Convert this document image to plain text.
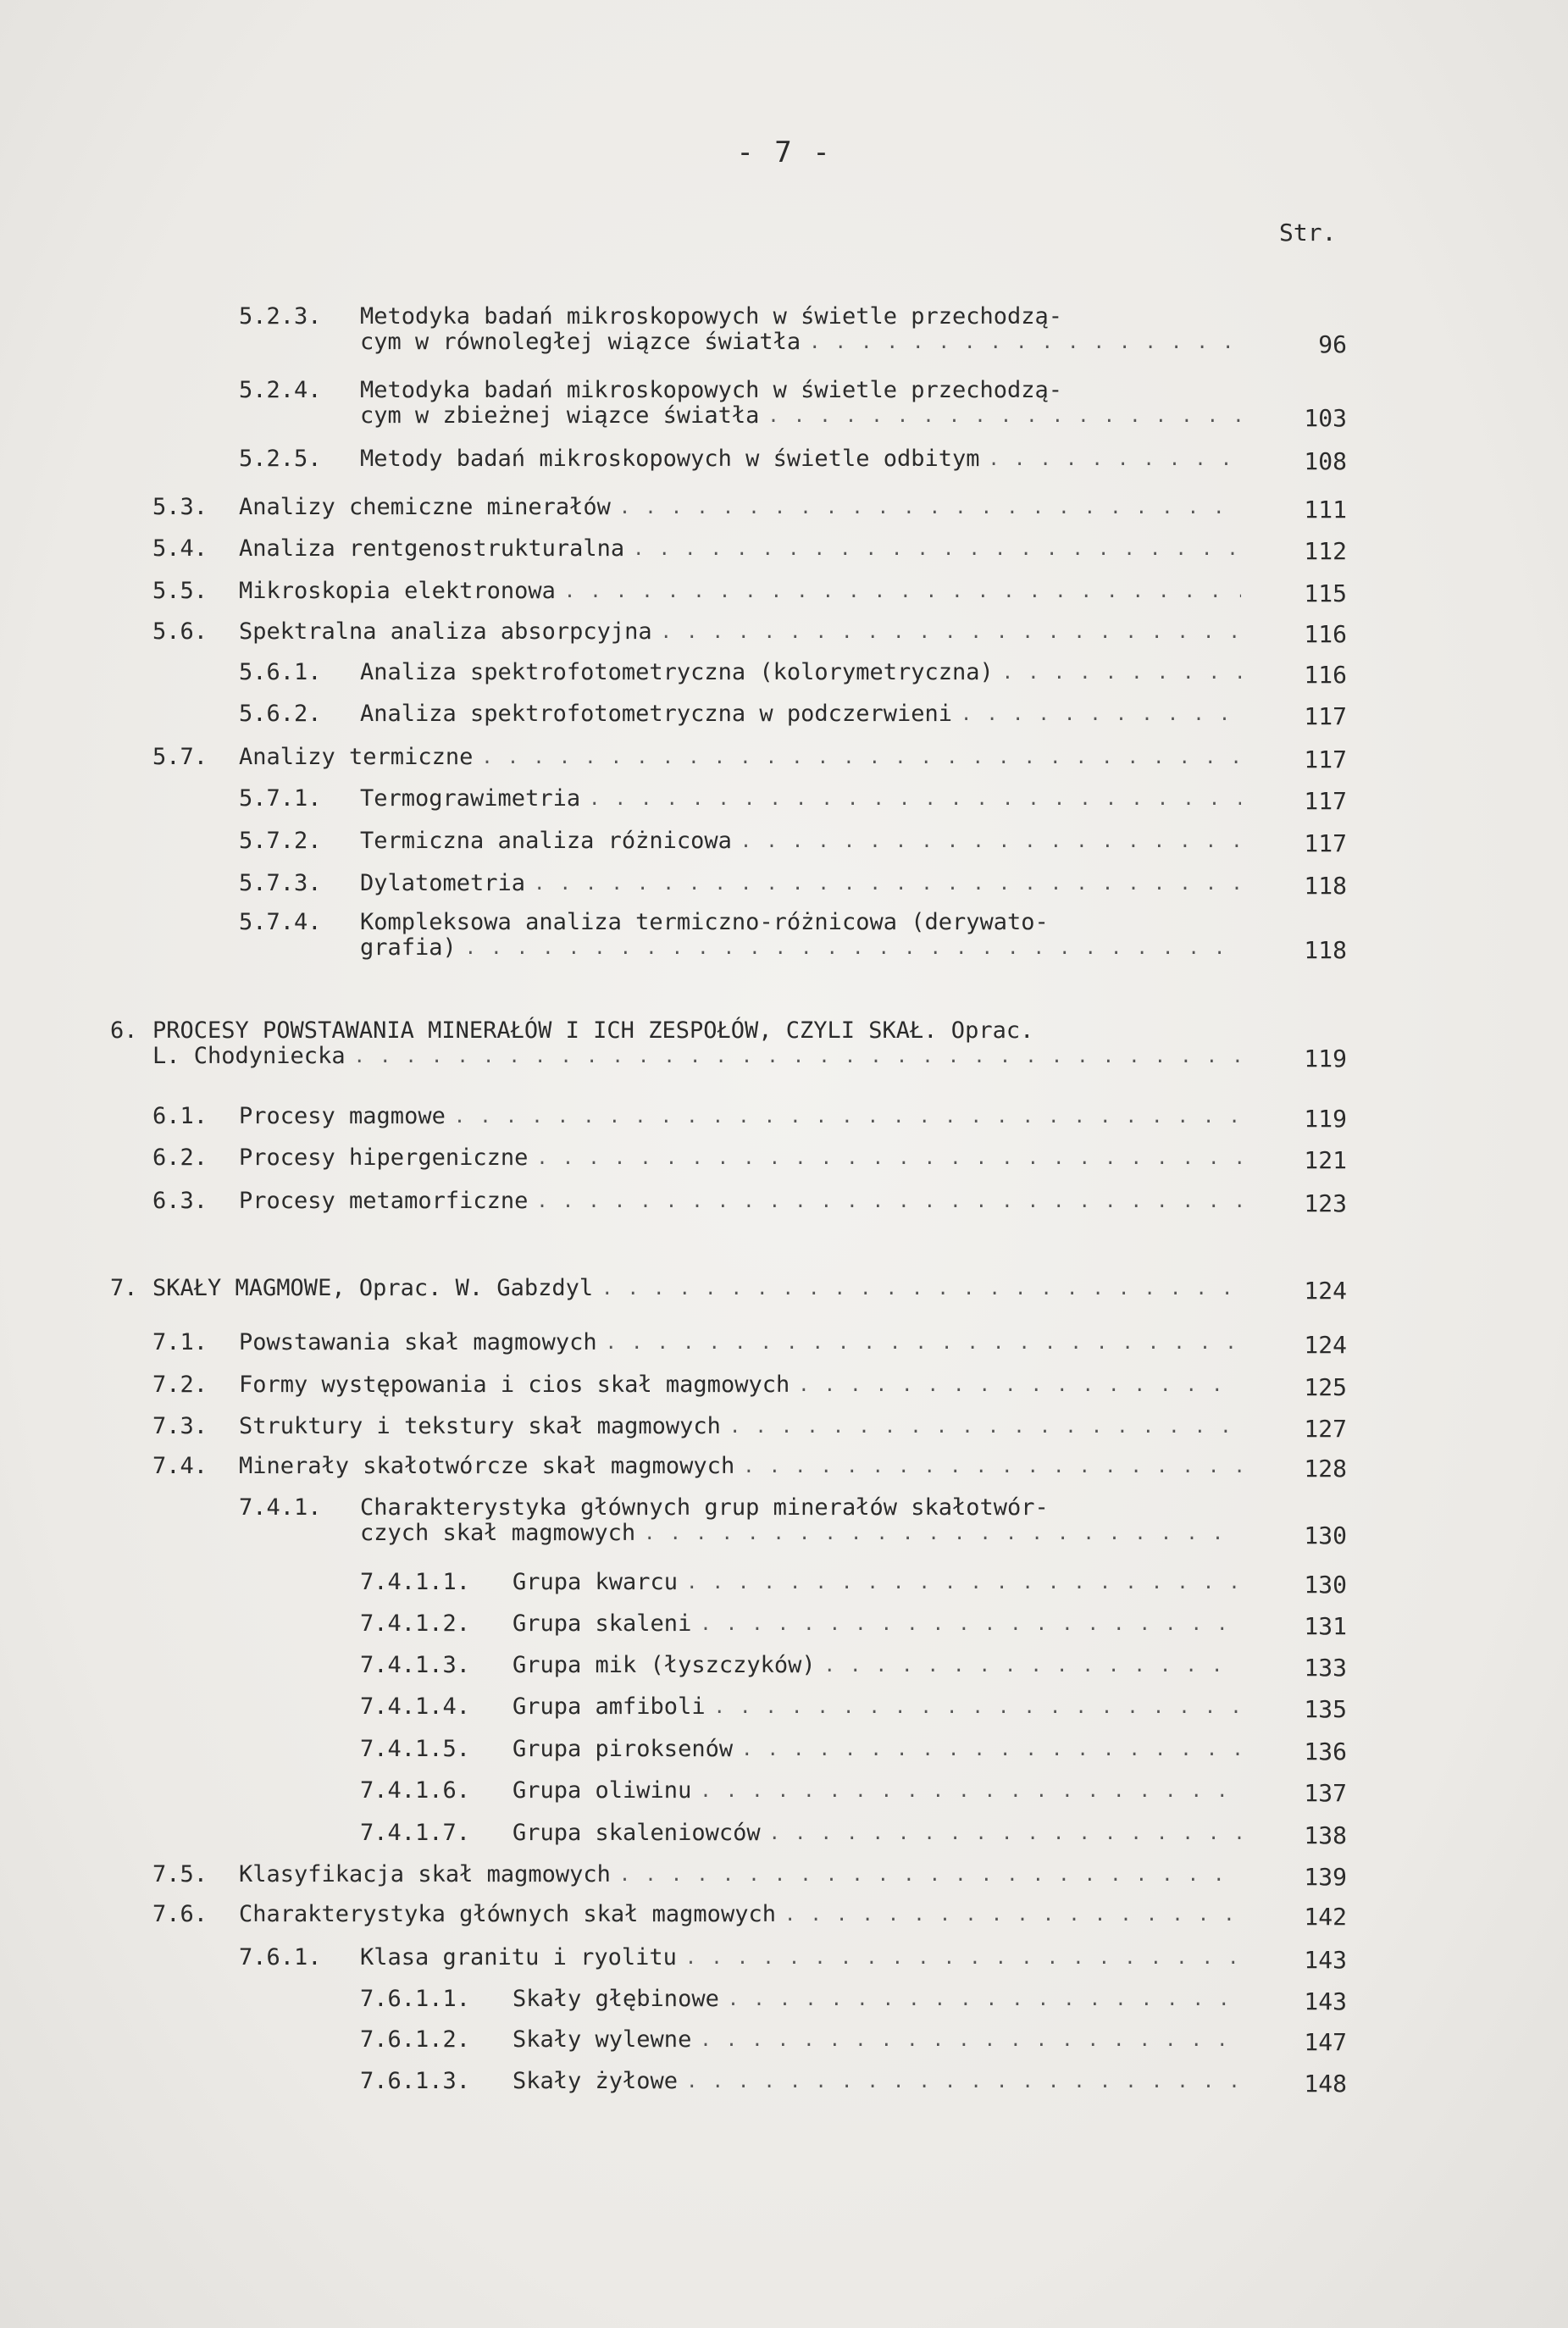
- 7 -
Str.
5.2.3. Metodyka badań mikroskopowych w świetle przechodzą-
cym w równoległej wiązce światła . . .	96
5.2.4. Metodyka badań mikroskopowych w świetle przechodzą-
cym w zbieżnej wiązce światła . . .	103
5.2.5. Metody badań mikroskopowych w świetle odbitym . . .	108
5.3. Analizy chemiczne minerałów . . .	111
5.4. Analiza rentgenostrukturalna . . .	112
5.5. Mikroskopia elektronowa . . .	115
5.6. Spektralna analiza absorpcyjna . . .	116
5.6.1. Analiza spektrofotometryczna (kolorymetryczna) . . .	116
5.6.2. Analiza spektrofotometryczna w podczerwieni . . .	117
5.7. Analizy termiczne . . .	117
5.7.1. Termograwimetria . . .	117
5.7.2. Termiczna analiza różnicowa . . .	117
5.7.3. Dylatometria . . .	118
5.7.4. Kompleksowa analiza termiczno-różnicowa (derywato-
grafia) . . .	118
6. PROCESY POWSTAWANIA MINERAŁÓW I ICH ZESPOŁÓW, CZYLI SKAŁ. Oprac.
L. Chodyniecka . . .	119
6.1. Procesy magmowe . . .	119
6.2. Procesy hipergeniczne . . .	121
6.3. Procesy metamorficzne . . .	123
7. SKAŁY MAGMOWE, Oprac. W. Gabzdyl . . .	124
7.1. Powstawania skał magmowych . . .	124
7.2. Formy występowania i cios skał magmowych . . .	125
7.3. Struktury i tekstury skał magmowych . . .	127
7.4. Minerały skałotwórcze skał magmowych . . .	128
7.4.1. Charakterystyka głównych grup minerałów skałotwór-
czych skał magmowych . . .	130
7.4.1.1. Grupa kwarcu . . .	130
7.4.1.2. Grupa skaleni . . .	131
7.4.1.3. Grupa mik (łyszczyków) . . .	133
7.4.1.4. Grupa amfiboli . . .	135
7.4.1.5. Grupa piroksenów . . .	136
7.4.1.6. Grupa oliwinu . . .	137
7.4.1.7. Grupa skaleniowców . . .	138
7.5. Klasyfikacja skał magmowych . . .	139
7.6. Charakterystyka głównych skał magmowych . . .	142
7.6.1. Klasa granitu i ryolitu . . .	143
7.6.1.1. Skały głębinowe . . .	143
7.6.1.2. Skały wylewne . . .	147
7.6.1.3. Skały żyłowe . . .	148
